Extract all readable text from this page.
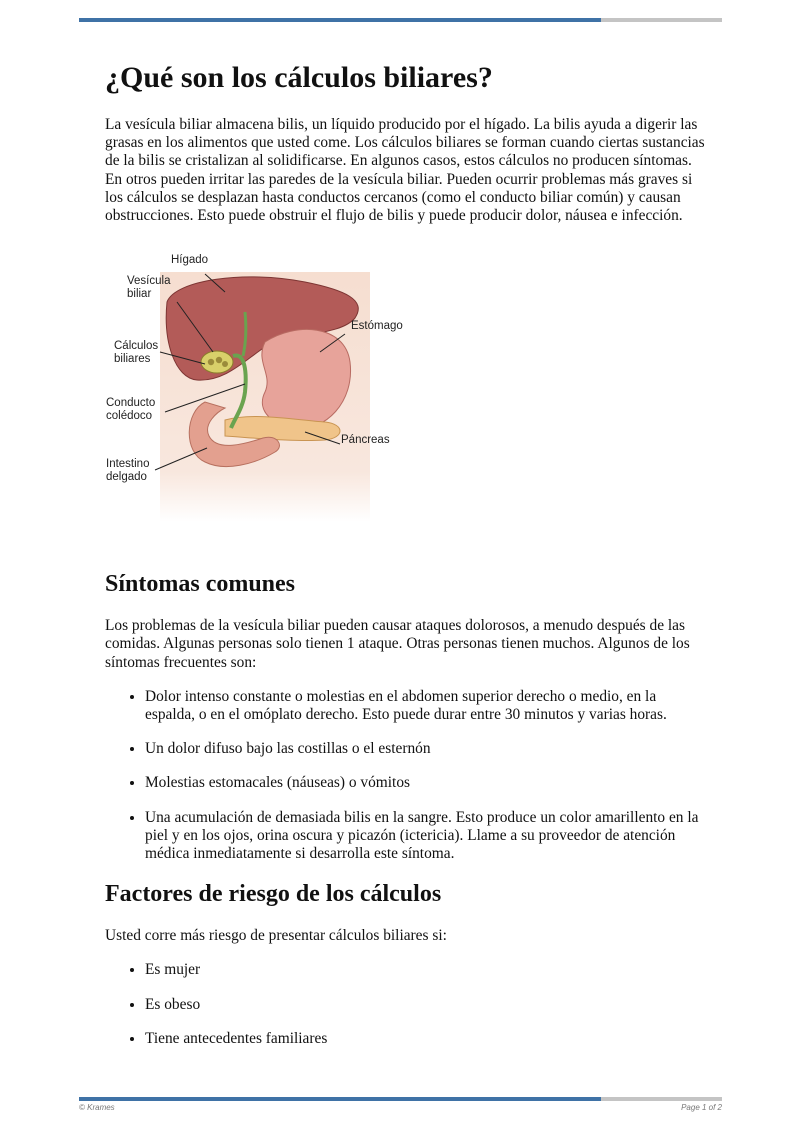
¿Qué son los cálculos biliares?

La vesícula biliar almacena bilis, un líquido producido por el hígado. La bilis ayuda a digerir las grasas en los alimentos que usted come. Los cálculos biliares se forman cuando ciertas sustancias de la bilis se cristalizan al solidificarse. En algunos casos, estos cálculos no producen síntomas. En otros pueden irritar las paredes de la vesícula biliar. Pueden ocurrir problemas más graves si los cálculos se desplazan hasta conductos cercanos (como el conducto biliar común) y causan obstrucciones. Esto puede obstruir el flujo de bilis y puede producir dolor, náusea e infección.

Hígado
Vesícula
biliar
Estómago
Cálculos
biliares
Conducto
colédoco
Páncreas
Intestino
delgado
Síntomas comunes

Los problemas de la vesícula biliar pueden causar ataques dolorosos, a menudo después de las comidas. Algunas personas solo tienen 1 ataque. Otras personas tienen muchos. Algunos de los síntomas frecuentes son:

• Dolor intenso constante o molestias en el abdomen superior derecho o medio, en la espalda, o en el omóplato derecho. Esto puede durar entre 30 minutos y varias horas.
• Un dolor difuso bajo las costillas o el esternón
• Molestias estomacales (náuseas) o vómitos
• Una acumulación de demasiada bilis en la sangre. Esto produce un color amarillento en la piel y en los ojos, orina oscura y picazón (ictericia). Llame a su proveedor de atención médica inmediatamente si desarrolla este síntoma.
Factores de riesgo de los cálculos

Usted corre más riesgo de presentar cálculos biliares si:

• Es mujer
• Es obeso
• Tiene antecedentes familiares
© Krames	Page 1 of 2
